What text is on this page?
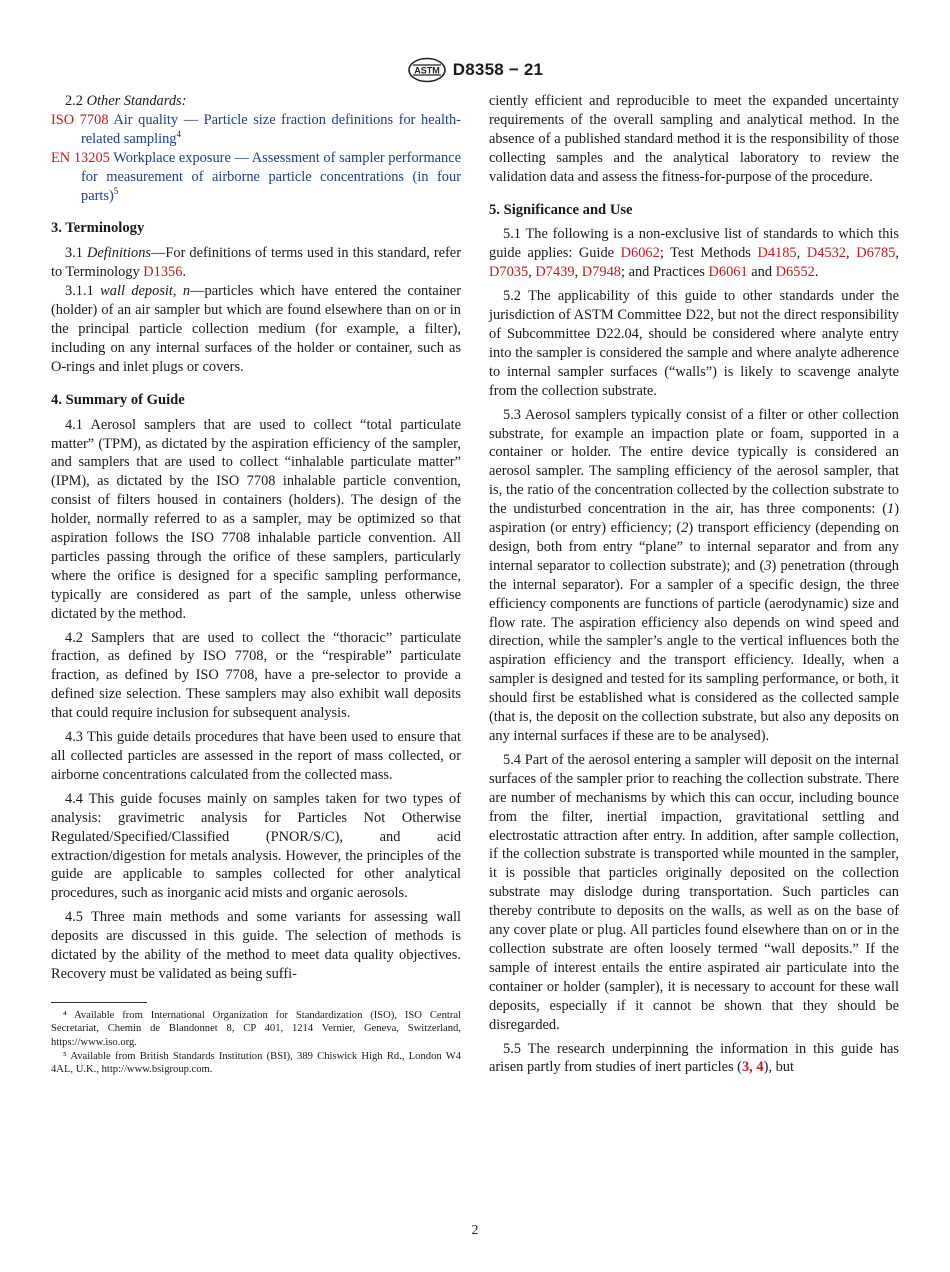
ASTM D8358 − 21

2.2 Other Standards:

ISO 7708 Air quality — Particle size fraction definitions for health-related sampling$^4$

EN 13205 Workplace exposure — Assessment of sampler performance for measurement of airborne particle concentrations (in four parts)$^5$

3. Terminology

3.1 Definitions—For definitions of terms used in this standard, refer to Terminology D1356.

3.1.1 wall deposit, n—particles which have entered the container (holder) of an air sampler but which are found elsewhere than on or in the principal particle collection medium (for example, a filter), including on any internal surfaces of the holder or container, such as O-rings and inlet plugs or covers.

4. Summary of Guide

4.1 Aerosol samplers that are used to collect “total particulate matter” (TPM), as dictated by the aspiration efficiency of the sampler, and samplers that are used to collect “inhalable particulate matter” (IPM), as dictated by the ISO 7708 inhalable particle convention, consist of filters housed in containers (holders). The design of the holder, normally referred to as a sampler, may be optimized so that aspiration follows the ISO 7708 inhalable particle convention. All particles passing through the orifice of these samplers, particularly where the orifice is designed for a specific sampling performance, typically are considered as part of the sample, unless otherwise dictated by the method.

4.2 Samplers that are used to collect the “thoracic” particulate fraction, as defined by ISO 7708, or the “respirable” particulate fraction, as defined by ISO 7708, have a pre-selector to provide a defined size selection. These samplers may also exhibit wall deposits that could require inclusion for subsequent analysis.

4.3 This guide details procedures that have been used to ensure that all collected particles are assessed in the report of mass collected, or airborne concentrations calculated from the collected mass.

4.4 This guide focuses mainly on samples taken for two types of analysis: gravimetric analysis for Particles Not Otherwise Regulated/Specified/Classified (PNOR/S/C), and acid extraction/digestion for metals analysis. However, the principles of the guide are applicable to samples collected for other analytical procedures, such as inorganic acid mists and organic aerosols.

4.5 Three main methods and some variants for assessing wall deposits are discussed in this guide. The selection of methods is dictated by the ability of the method to meet data quality objectives. Recovery must be validated as being suffi-

⁴ Available from International Organization for Standardization (ISO), ISO Central Secretariat, Chemin de Blandonnet 8, CP 401, 1214 Vernier, Geneva, Switzerland, https://www.iso.org.

⁵ Available from British Standards Institution (BSI), 389 Chiswick High Rd., London W4 4AL, U.K., http://www.bsigroup.com.

ciently efficient and reproducible to meet the expanded uncertainty requirements of the overall sampling and analytical method. In the absence of a published standard method it is the responsibility of those collecting samples and the analytical laboratory to review the validation data and assess the fitness-for-purpose of the procedure.

5. Significance and Use

5.1 The following is a non-exclusive list of standards to which this guide applies: Guide D6062; Test Methods D4185, D4532, D6785, D7035, D7439, D7948; and Practices D6061 and D6552.

5.2 The applicability of this guide to other standards under the jurisdiction of ASTM Committee D22, but not the direct responsibility of Subcommittee D22.04, should be considered where analyte entry into the sampler is considered the sample and where analyte adherence to internal sampler surfaces (“walls”) is likely to scavenge analyte from the collection substrate.

5.3 Aerosol samplers typically consist of a filter or other collection substrate, for example an impaction plate or foam, supported in a container or holder. The entire device typically is considered an aerosol sampler. The sampling efficiency of the aerosol sampler, that is, the ratio of the concentration collected by the collection substrate to the undisturbed concentration in the air, has three components: (1) aspiration (or entry) efficiency; (2) transport efficiency (depending on design, both from entry “plane” to internal separator and from any internal separator to collection substrate); and (3) penetration (through the internal separator). For a sampler of a specific design, the three efficiency components are functions of particle (aerodynamic) size and flow rate. The aspiration efficiency also depends on wind speed and direction, while the sampler’s angle to the vertical influences both the aspiration efficiency and the transport efficiency. Ideally, when a sampler is designed and tested for its sampling performance, or both, it should first be established what is considered as the collected sample (that is, the deposit on the collection substrate, but also any deposits on any internal surfaces if these are to be analysed).

5.4 Part of the aerosol entering a sampler will deposit on the internal surfaces of the sampler prior to reaching the collection substrate. There are number of mechanisms by which this can occur, including bounce from the filter, inertial impaction, gravitational settling and electrostatic attraction after entry. In addition, after sample collection, if the collection substrate is transported while mounted in the sampler, it is possible that particles originally deposited on the collection substrate may dislodge during transportation. Such particles can thereby contribute to deposits on the walls, as well as on the base of any cover plate or plug. All particles found elsewhere than on or in the collection substrate are often loosely termed “wall deposits.” If the sample of interest entails the entire aspirated air particulate into the container or holder (sampler), it is necessary to account for these wall deposits, especially if it cannot be shown that they should be disregarded.

5.5 The research underpinning the information in this guide has arisen partly from studies of inert particles (3, 4), but

2
